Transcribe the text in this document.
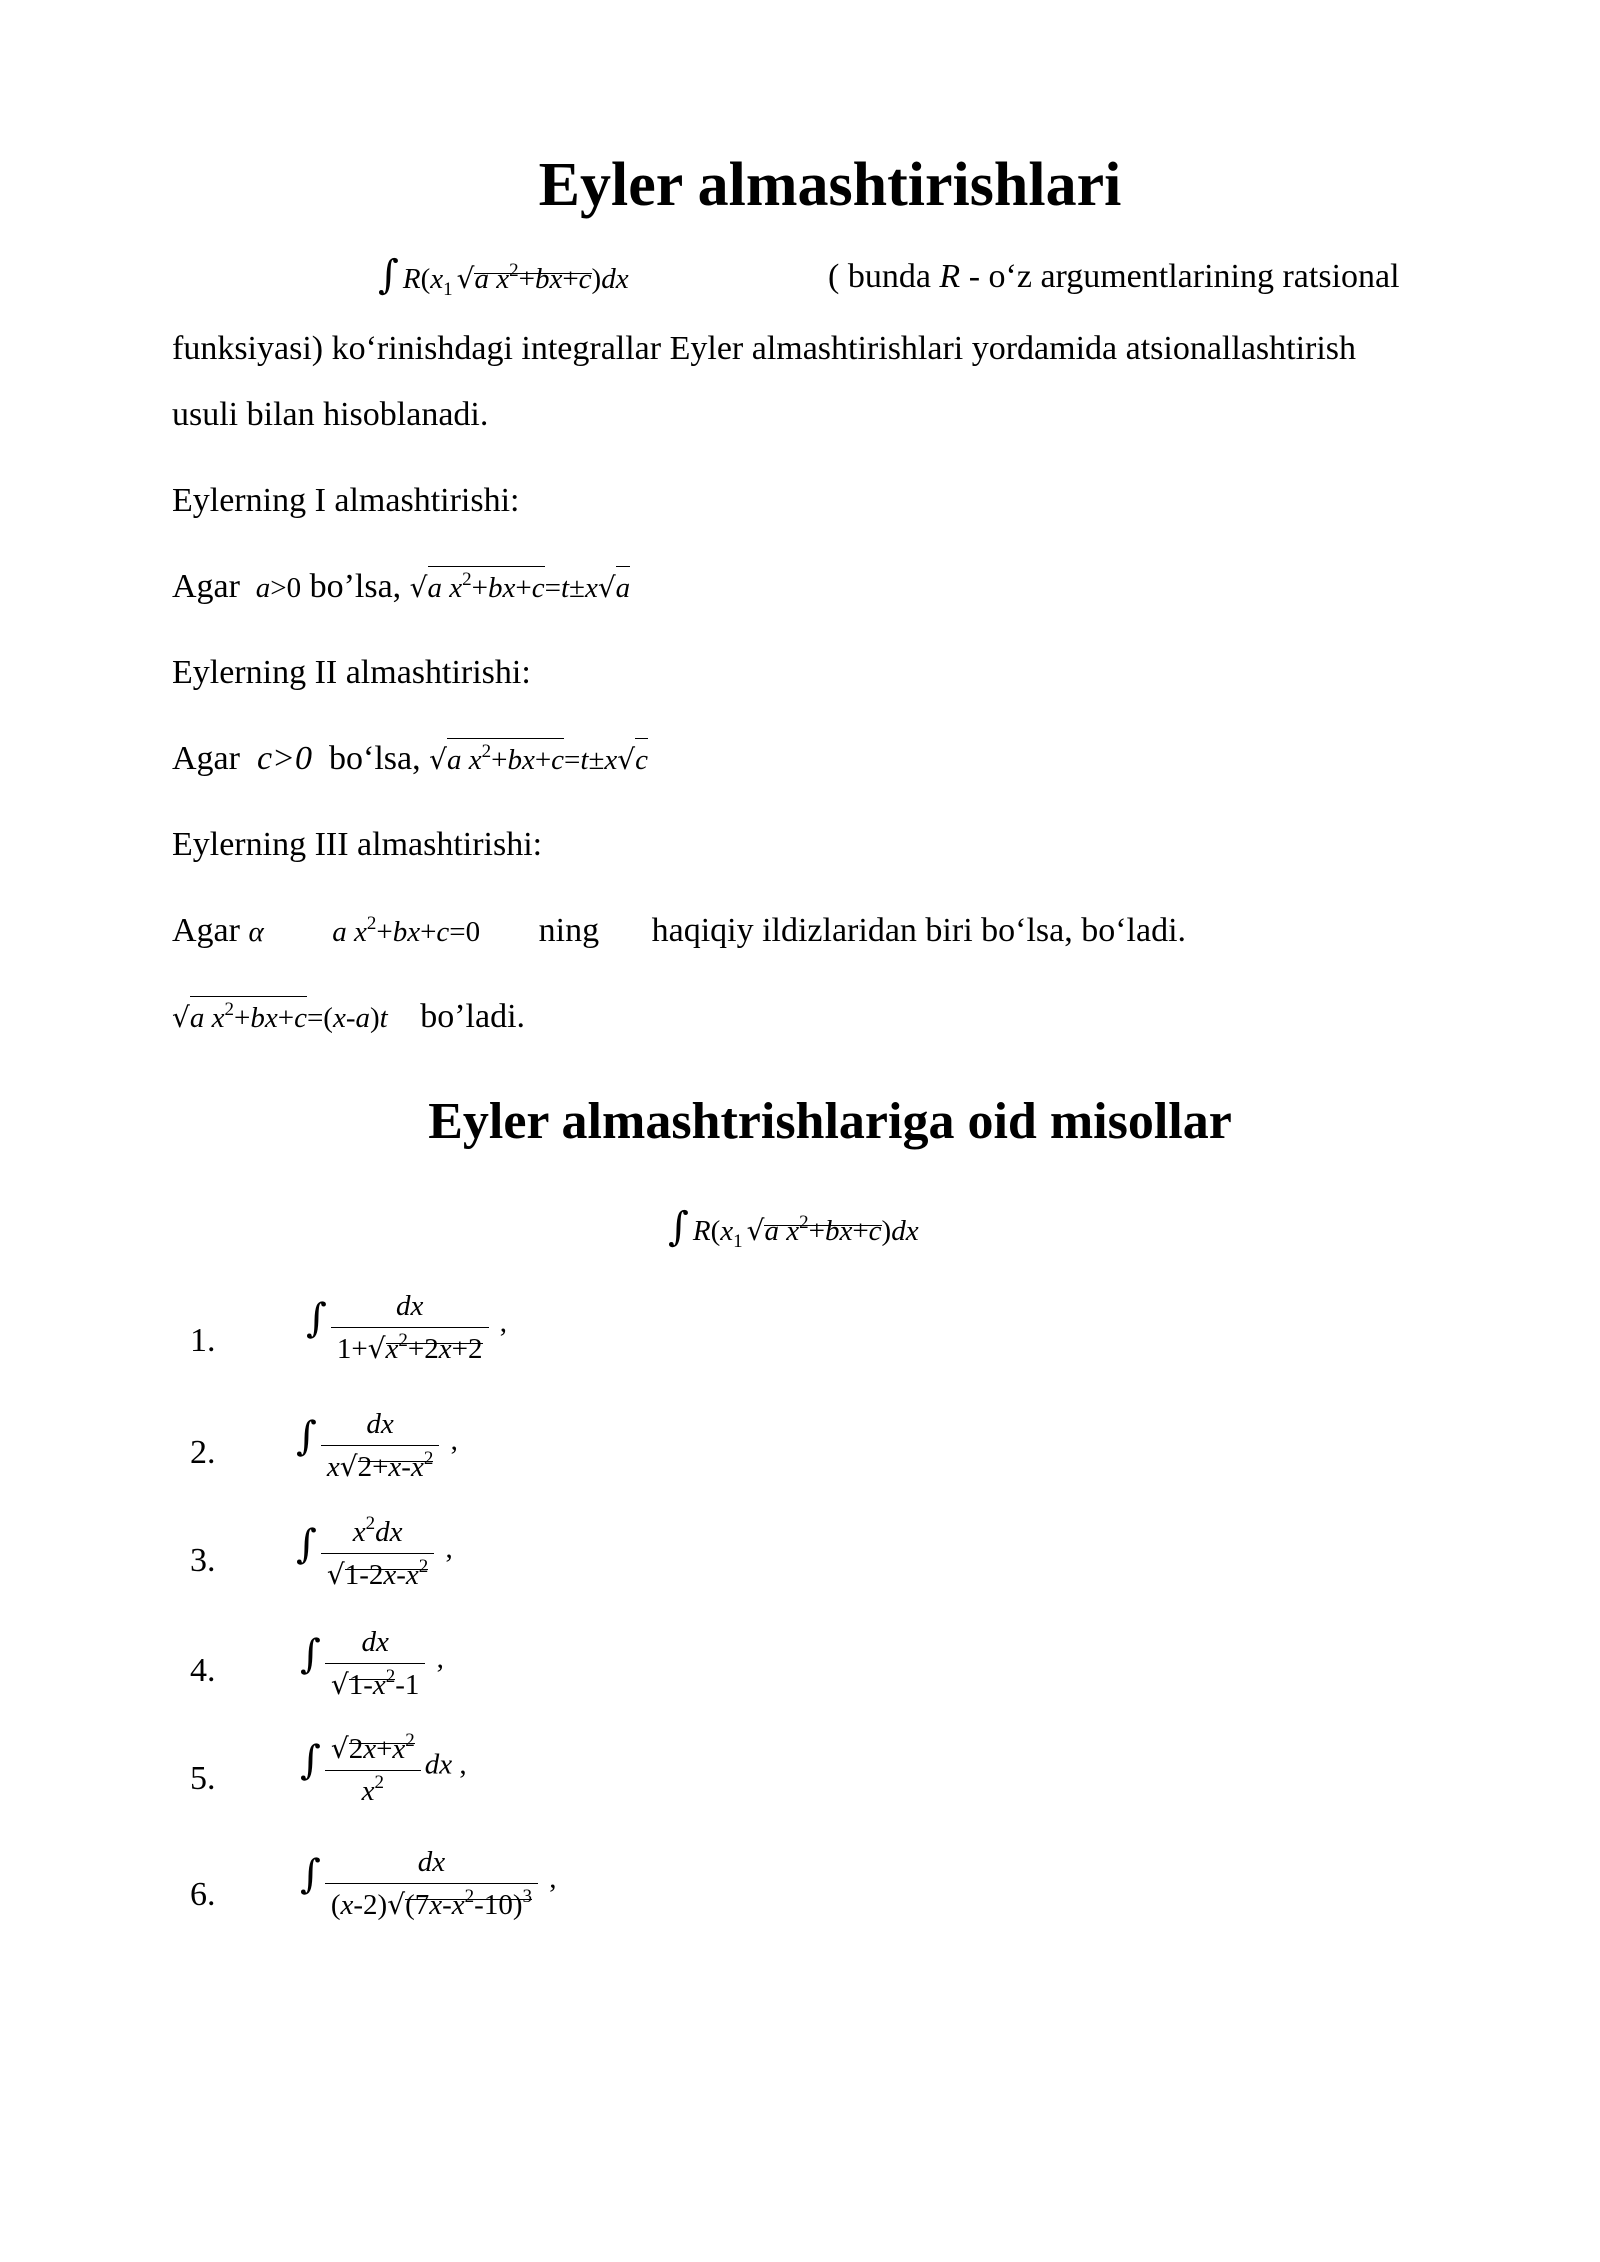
Eyler almashtirishlari
∫ R(x1 √a x2+bx+c)dx	( bunda R - o‘z argumentlarining ratsional
funksiyasi) ko‘rinishdagi integrallar Eyler almashtirishlari yordamida atsionallashtirish
usuli bilan hisoblanadi.
Eylerning I almashtirishi:
Agar  a>0 bo’lsa, √a $x^2+bx+c=t\pm x√a$
Eylerning II almashtirishi:
Agar  c>0  bo‘lsa, √a $x^2+bx+c=t\pm x√c$
Eylerning III almashtirishi:
Agar α a $x^2+bx+c=0$ ning haqiqiy ildizlaridan biri bo‘lsa, bo‘ladi.
√a $x^2+bx+c=(x-a)t$ bo’ladi.
Eyler almashtrishlariga oid misollar
∫ R(x1 √a x2+bx+c)dx
1. ∫ $\frac{dx}{1+√x2+2x+2}$ ,
2. ∫ $\frac{dx}{x√2+x-x2}$ ,
3. ∫ $\frac{x2dx}{√1-2x-x2}$ ,
4. ∫ $\frac{dx}{√1-x2-1}$ ,
5. ∫ $\frac{√2x+x2}{x2}$ dx ,
6. ∫ $\frac{dx}{(x-2)√(7x-x2-10)3}$ ,
